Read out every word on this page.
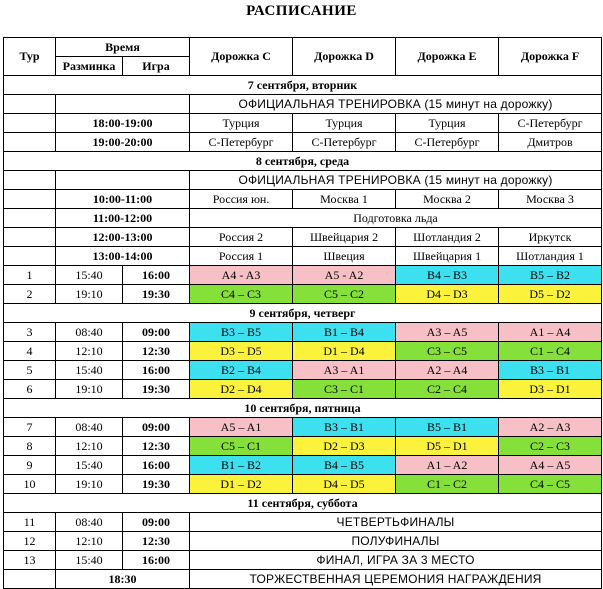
РАСПИСАНИЕ
Тур	Время		Дорожка C	Дорожка D	Дорожка E	Дорожка F
	Разминка	Игра				
7 сентября, вторник						
			ОФИЦИАЛЬНАЯ ТРЕНИРОВКА (15 минут на дорожку)			
	18:00-19:00		Турция	Турция	Турция	С-Петербург
	19:00-20:00		С-Петербург	С-Петербург	С-Петербург	Дмитров
8 сентября, среда						
			ОФИЦИАЛЬНАЯ ТРЕНИРОВКА (15 минут на дорожку)			
	10:00-11:00		Россия юн.	Москва 1	Москва 2	Москва 3
	11:00-12:00		Подготовка льда			
	12:00-13:00		Россия 2	Швейцария 2	Шотландия 2	Иркутск
	13:00-14:00		Россия 1	Швеция	Швейцария 1	Шотландия 1
1	15:40	16:00	A4 - A3	A5 - A2	B4 – B3	B5 – B2
2	19:10	19:30	C4 – C3	C5 – C2	D4 – D3	D5 – D2
9 сентября, четверг						
3	08:40	09:00	B3 – B5	B1 – B4	A3 – A5	A1 – A4
4	12:10	12:30	D3 – D5	D1 – D4	C3 – C5	C1 – C4
5	15:40	16:00	B2 – B4	A3 – A1	A2 – A4	B3 – B1
6	19:10	19:30	D2 – D4	C3 – C1	C2 – C4	D3 – D1
10 сентября, пятница						
7	08:40	09:00	A5 – A1	B3 – B1	B5 – B1	A2 – A3
8	12:10	12:30	C5 – C1	D2 – D3	D5 – D1	C2 – C3
9	15:40	16:00	B1 – B2	B4 – B5	A1 – A2	A4 – A5
10	19:10	19:30	D1 – D2	D4 – D5	C1 – C2	C4 – C5
11 сентября, суббота						
11	08:40	09:00	ЧЕТВЕРТЬФИНАЛЫ			
12	12:10	12:30	ПОЛУФИНАЛЫ			
13	15:40	16:00	ФИНАЛ, ИГРА ЗА 3 МЕСТО			
	18:30		ТОРЖЕСТВЕННАЯ ЦЕРЕМОНИЯ НАГРАЖДЕНИЯ			
